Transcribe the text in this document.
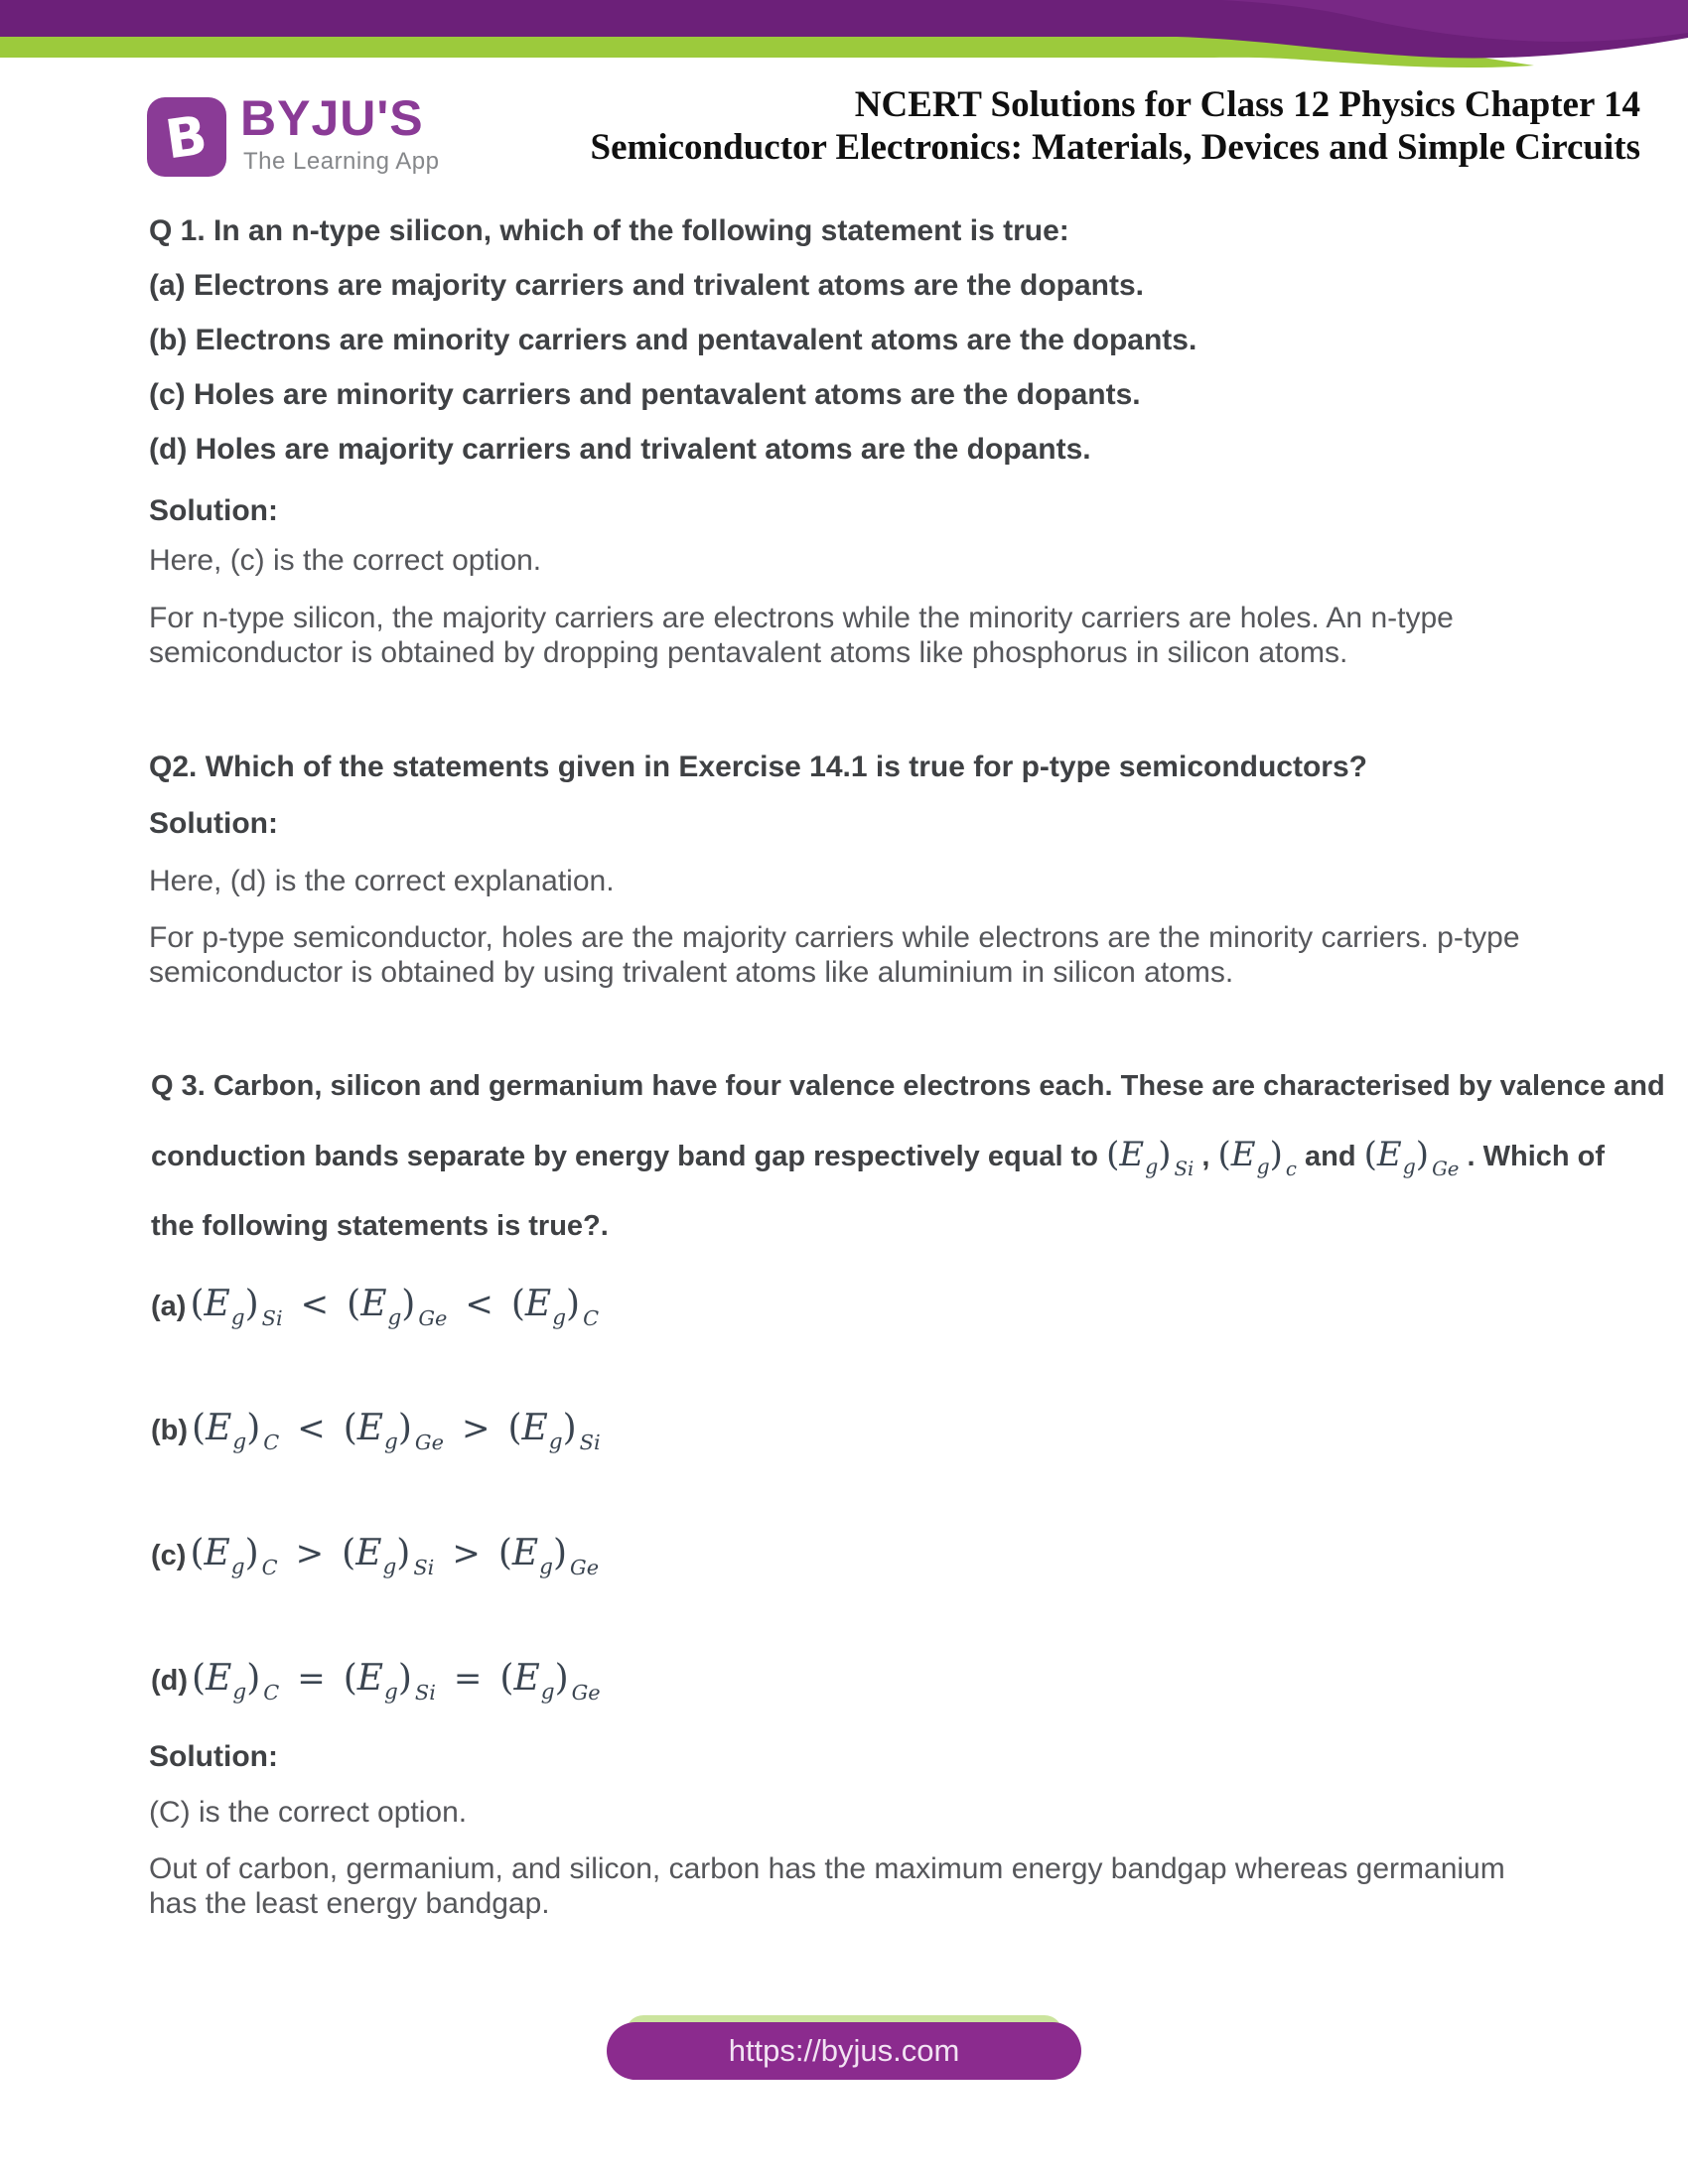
B BYJU'S
The Learning App
NCERT Solutions for Class 12 Physics Chapter 14
Semiconductor Electronics: Materials, Devices and Simple Circuits
Q 1. In an n-type silicon, which of the following statement is true:
(a) Electrons are majority carriers and trivalent atoms are the dopants.
(b) Electrons are minority carriers and pentavalent atoms are the dopants.
(c) Holes are minority carriers and pentavalent atoms are the dopants.
(d) Holes are majority carriers and trivalent atoms are the dopants.
Solution:
Here, (c) is the correct option.
For n-type silicon, the majority carriers are electrons while the minority carriers are holes. An n-type semiconductor is obtained by dropping pentavalent atoms like phosphorus in silicon atoms.
Q2. Which of the statements given in Exercise 14.1 is true for p-type semiconductors?
Solution:
Here, (d) is the correct explanation.
For p-type semiconductor, holes are the majority carriers while electrons are the minority carriers. p-type semiconductor is obtained by using trivalent atoms like aluminium in silicon atoms.
Q 3. Carbon, silicon and germanium have four valence electrons each. These are characterised by valence and
conduction bands separate by energy band gap respectively equal to $(E_g)$ $_{Si}$ , $(E_g)$ $_c$ and $(E_g)$ $_{Ge}$ . Which of
the following statements is true?.
(a) $(E_g) _{Si} < (E_g) _{Ge} < (E_g)$ $_C$
(b) $(E_g) _C < (E_g) _{Ge} > (E_g)$ $_{Si}$
(c) $(E_g) _C > (E_g) _{Si} > (E_g)$ $_{Ge}$
(d) $(E_g) _C = (E_g) _{Si} = (E_g)$ $_{Ge}$
Solution:
(C) is the correct option.
Out of carbon, germanium, and silicon, carbon has the maximum energy bandgap whereas germanium has the least energy bandgap.
https://byjus.com
